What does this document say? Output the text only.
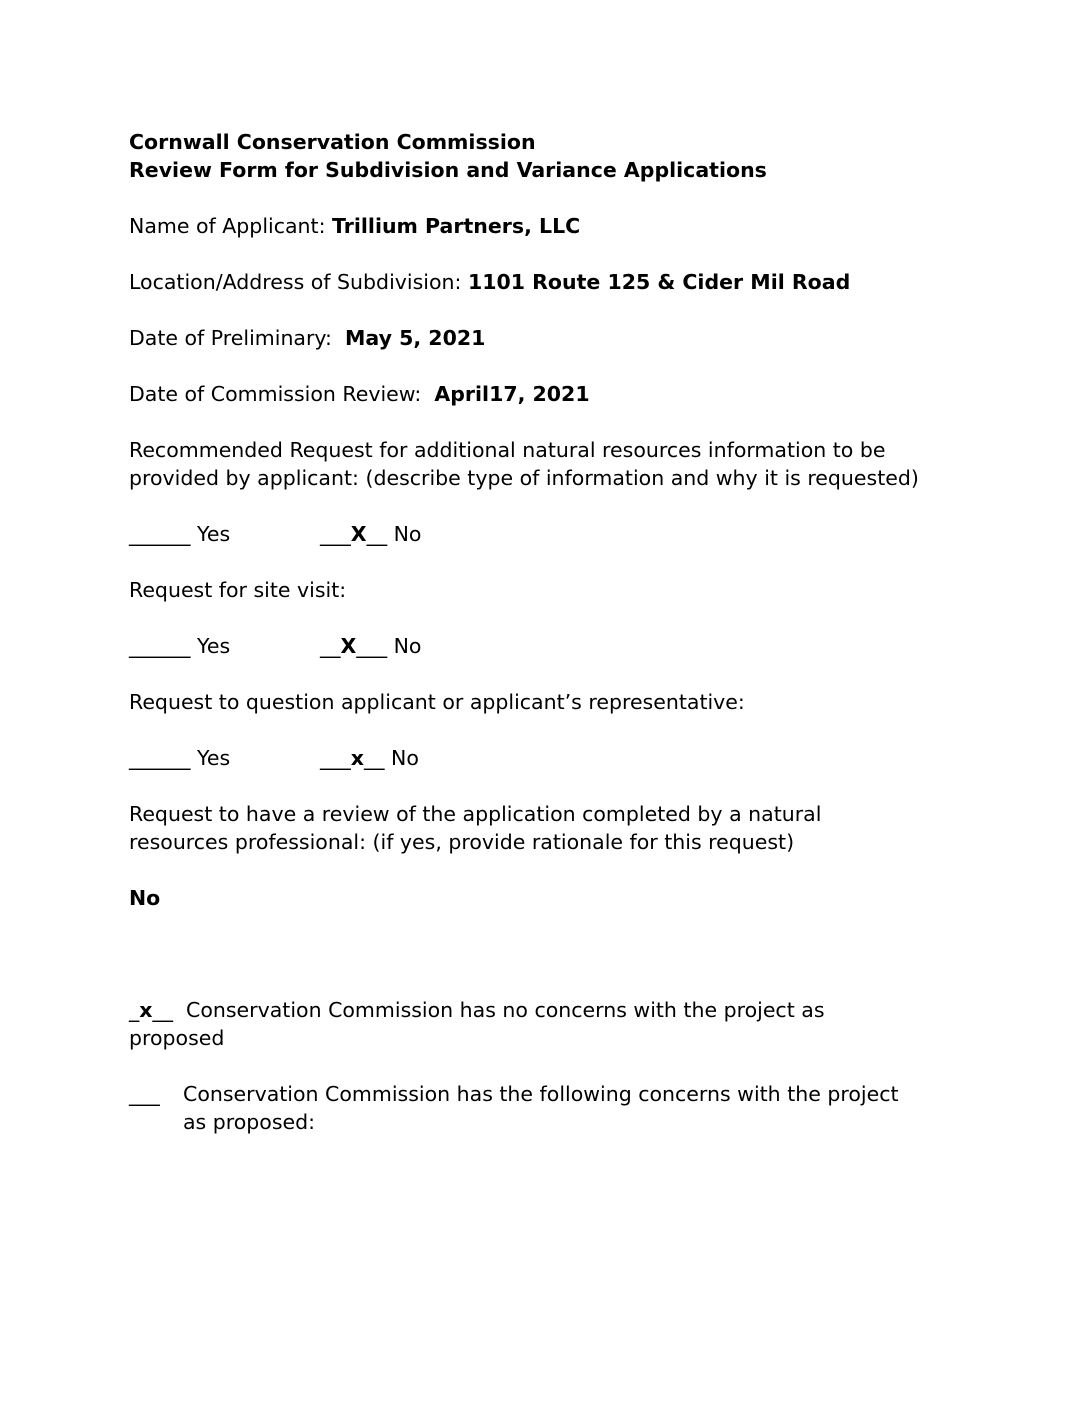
Cornwall Conservation Commission
Review Form for Subdivision and Variance Applications
Name of Applicant: Trillium Partners, LLC
Location/Address of Subdivision: 1101 Route 125 & Cider Mil Road
Date of Preliminary: May 5, 2021
Date of Commission Review: April17, 2021
Recommended Request for additional natural resources information to be
provided by applicant: (describe type of information and why it is requested)
______ Yes	___X__ No
Request for site visit:
______ Yes	__X___ No
Request to question applicant or applicant’s representative:
______ Yes	___x__ No
Request to have a review of the application completed by a natural
resources professional: (if yes, provide rationale for this request)
No
_x__ Conservation Commission has no concerns with the project as
proposed
___ Conservation Commission has the following concerns with the project
as proposed:
